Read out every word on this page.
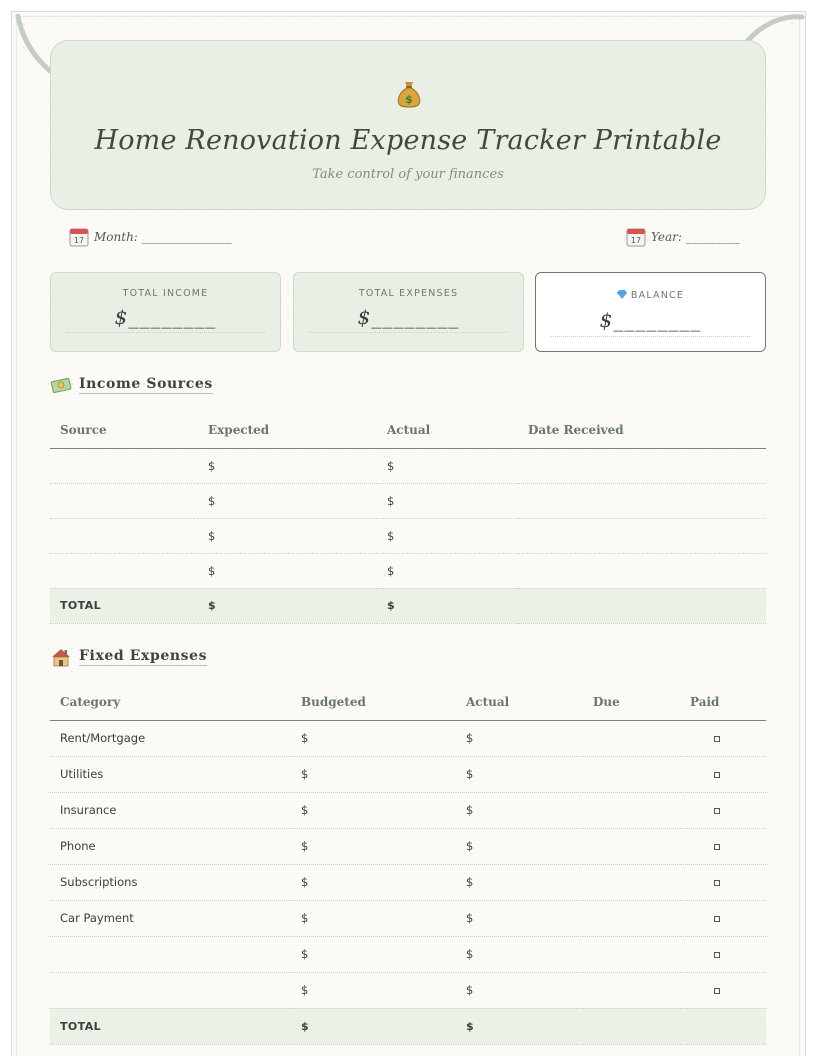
$
Home Renovation Expense Tracker Printable
Take control of your finances
17 Month: _______________	17 Year: _________
TOTAL INCOME
$________
TOTAL EXPENSES
$________
BALANCE
$________
Income Sources
Source	Expected	Actual	Date Received
	$	$	
	$	$	
	$	$	
	$	$	
TOTAL	$	$	
Fixed Expenses
Category	Budgeted	Actual	Due	Paid
Rent/Mortgage	$	$		
Utilities	$	$		
Insurance	$	$		
Phone	$	$		
Subscriptions	$	$		
Car Payment	$	$		
	$	$		
	$	$		
TOTAL	$	$		
